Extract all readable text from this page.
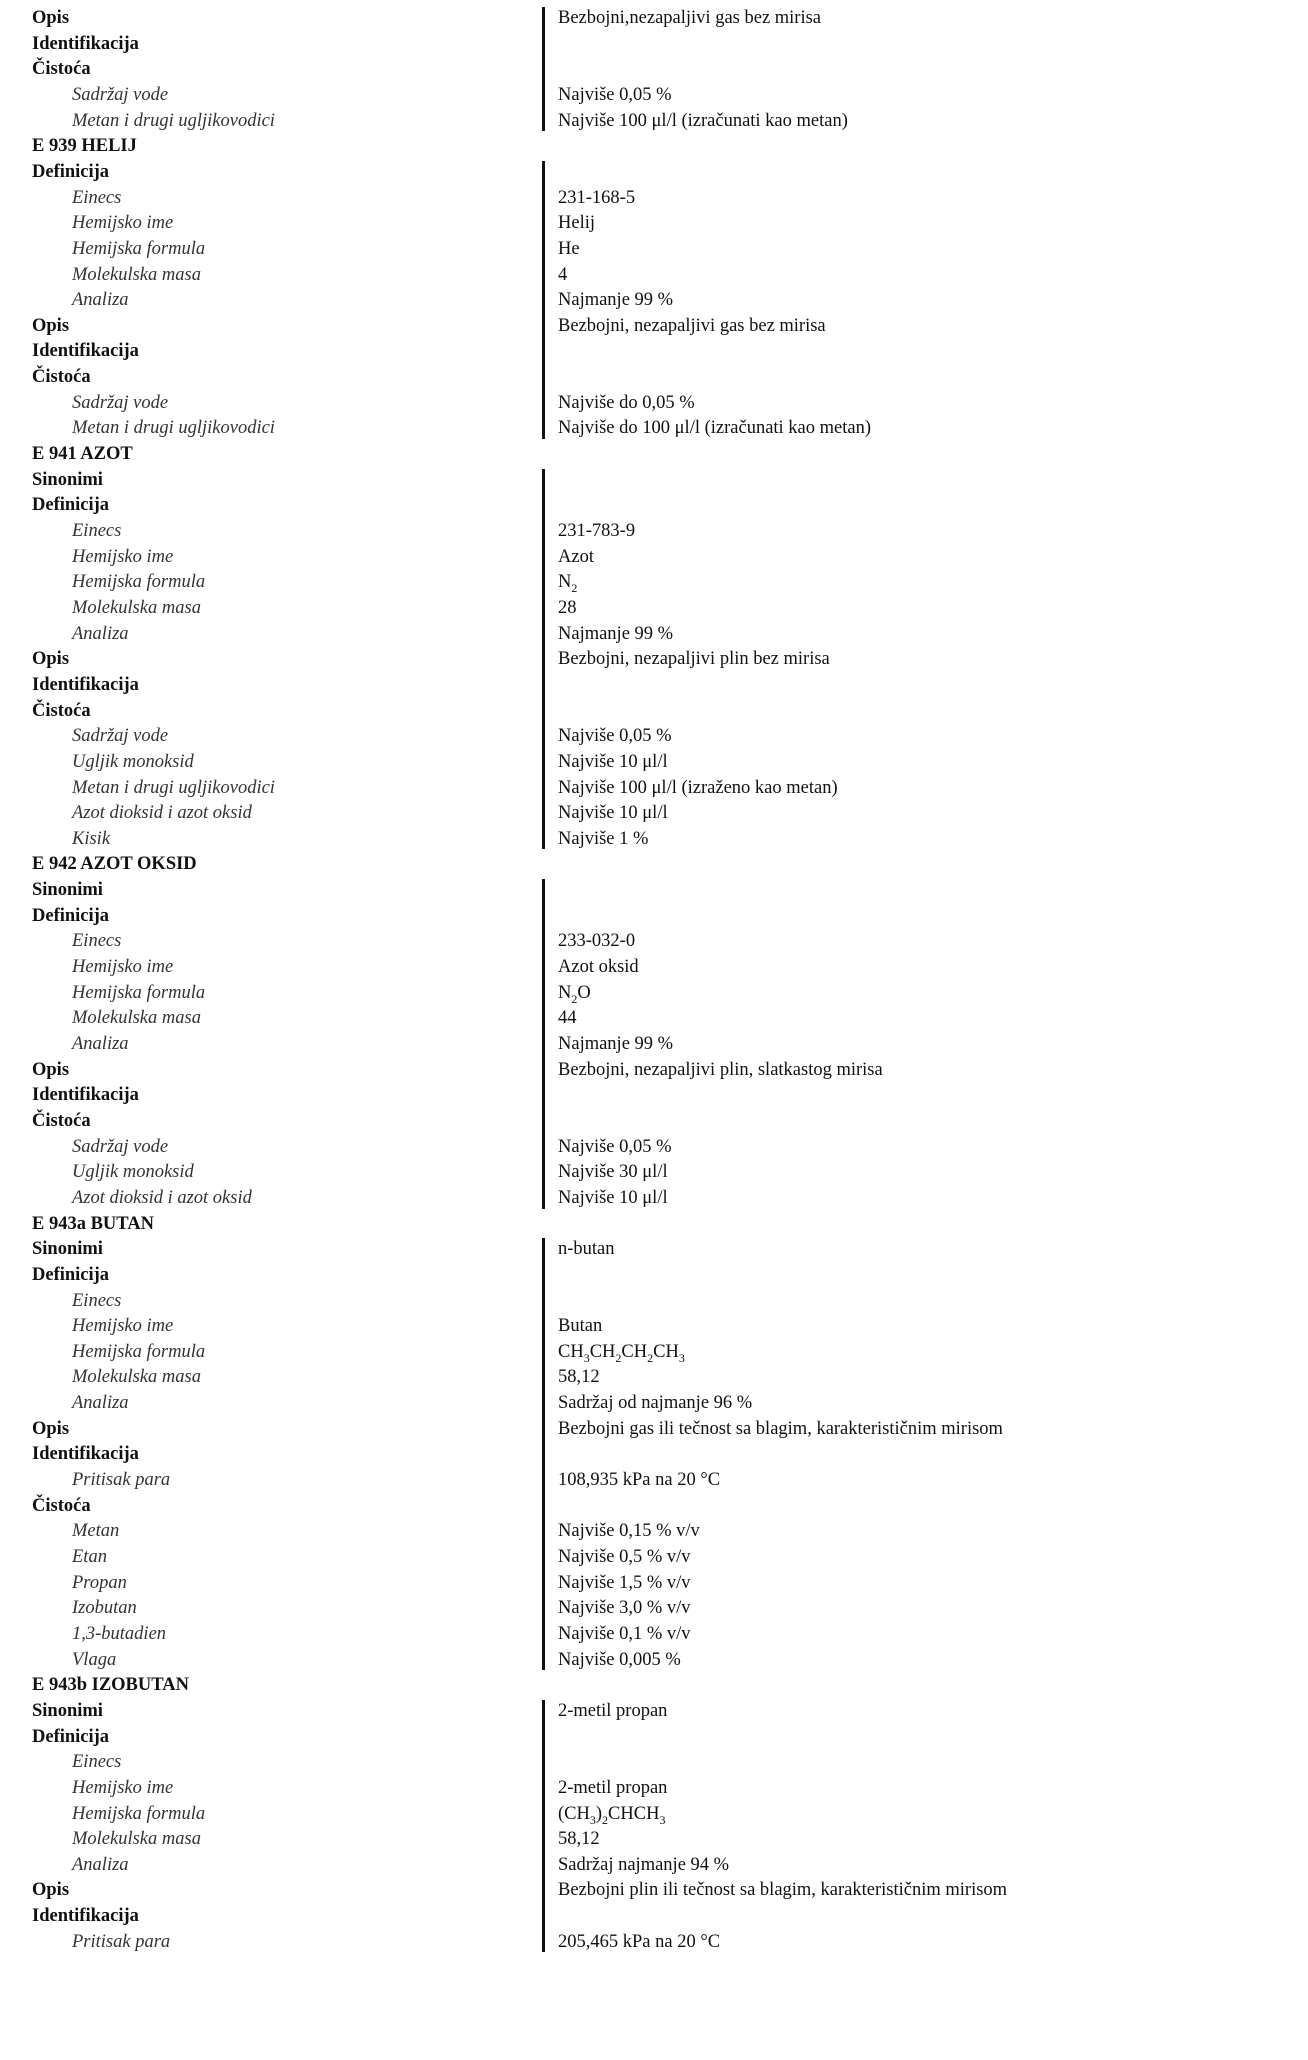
Opis	Bezbojni,nezapaljivi gas bez mirisa
Identifikacija
Čistoća
Sadržaj vode	Najviše 0,05 %
Metan i drugi ugljikovodici	Najviše 100 μl/l (izračunati kao metan)
E 939 HELIJ
Definicija
Einecs	231-168-5
Hemijsko ime	Helij
Hemijska formula	He
Molekulska masa	4
Analiza	Najmanje 99 %
Opis	Bezbojni, nezapaljivi gas bez mirisa
Identifikacija
Čistoća
Sadržaj vode	Najviše do 0,05 %
Metan i drugi ugljikovodici	Najviše do 100 μl/l (izračunati kao metan)
E 941 AZOT
Sinonimi
Definicija
Einecs	231-783-9
Hemijsko ime	Azot
Hemijska formula	$N_2$
Molekulska masa	28
Analiza	Najmanje 99 %
Opis	Bezbojni, nezapaljivi plin bez mirisa
Identifikacija
Čistoća
Sadržaj vode	Najviše 0,05 %
Ugljik monoksid	Najviše 10 μl/l
Metan i drugi ugljikovodici	Najviše 100 μl/l (izraženo kao metan)
Azot dioksid i azot oksid	Najviše 10 μl/l
Kisik	Najviše 1 %
E 942 AZOT OKSID
Sinonimi
Definicija
Einecs	233-032-0
Hemijsko ime	Azot oksid
Hemijska formula	$N_2O$
Molekulska masa	44
Analiza	Najmanje 99 %
Opis	Bezbojni, nezapaljivi plin, slatkastog mirisa
Identifikacija
Čistoća
Sadržaj vode	Najviše 0,05 %
Ugljik monoksid	Najviše 30 μl/l
Azot dioksid i azot oksid	Najviše 10 μl/l
E 943a BUTAN
Sinonimi	n-butan
Definicija
Einecs
Hemijsko ime	Butan
Hemijska formula	$CH_3CH_2CH_2CH_3$
Molekulska masa	58,12
Analiza	Sadržaj od najmanje 96 %
Opis	Bezbojni gas ili tečnost sa blagim, karakterističnim mirisom
Identifikacija
Pritisak para	108,935 kPa na 20 °C
Čistoća
Metan	Najviše 0,15 % v/v
Etan	Najviše 0,5 % v/v
Propan	Najviše 1,5 % v/v
Izobutan	Najviše 3,0 % v/v
1,3-butadien	Najviše 0,1 % v/v
Vlaga	Najviše 0,005 %
E 943b IZOBUTAN
Sinonimi	2-metil propan
Definicija
Einecs
Hemijsko ime	2-metil propan
Hemijska formula	$(CH_3)_2CHCH_3$
Molekulska masa	58,12
Analiza	Sadržaj najmanje 94 %
Opis	Bezbojni plin ili tečnost sa blagim, karakterističnim mirisom
Identifikacija
Pritisak para	205,465 kPa na 20 °C
